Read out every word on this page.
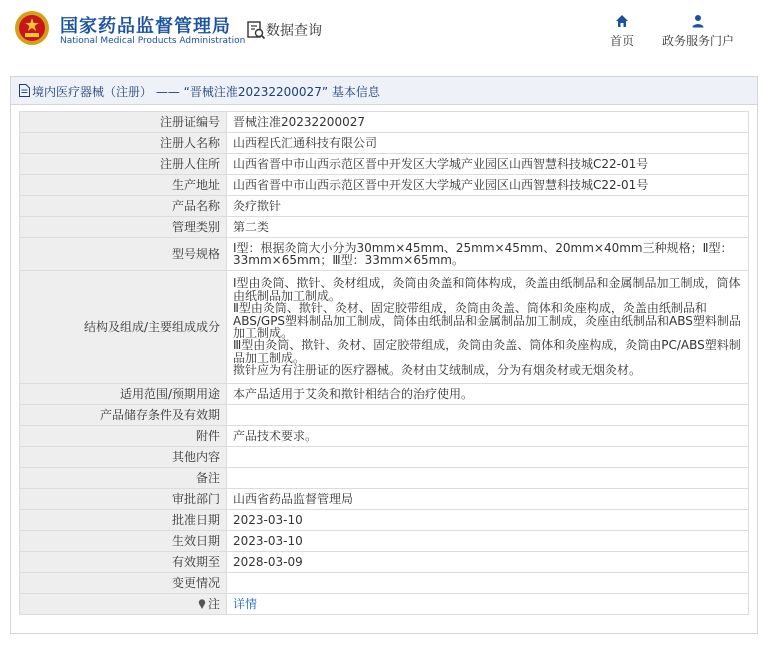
国家药品监督管理局
National Medical Products Administration
数据查询
首页	政务服务门户
境内医疗器械（注册） —— “晋械注准20232200027” 基本信息
注册证编号	晋械注准20232200027
注册人名称	山西程氏汇通科技有限公司
注册人住所	山西省晋中市山西示范区晋中开发区大学城产业园区山西智慧科技城C22-01号
生产地址	山西省晋中市山西示范区晋中开发区大学城产业园区山西智慧科技城C22-01号
产品名称	灸疗揿针
管理类别	第二类
型号规格	Ⅰ型：根据灸筒大小分为30mm×45mm、25mm×45mm、20mm×40mm三种规格；Ⅱ型：33mm×65mm；Ⅲ型：33mm×65mm。
结构及组成/主要组成成分	Ⅰ型由灸筒、揿针、灸材组成，灸筒由灸盖和筒体构成，灸盖由纸制品和金属制品加工制成，筒体由纸制品加工制成。
Ⅱ型由灸筒、揿针、灸材、固定胶带组成，灸筒由灸盖、筒体和灸座构成，灸盖由纸制品和ABS/GPS塑料制品加工制成，筒体由纸制品和金属制品加工制成，灸座由纸制品和ABS塑料制品加工制成。
Ⅲ型由灸筒、揿针、灸材、固定胶带组成，灸筒由灸盖、筒体和灸座构成，灸筒由PC/ABS塑料制品加工制成。
揿针应为有注册证的医疗器械。灸材由艾绒制成，分为有烟灸材或无烟灸材。

适用范围/预期用途	本产品适用于艾灸和揿针相结合的治疗使用。
产品储存条件及有效期	
附件	产品技术要求。
其他内容	
备注	
审批部门	山西省药品监督管理局
批准日期	2023-03-10
生效日期	2023-03-10
有效期至	2028-03-09
变更情况	
注	详情
